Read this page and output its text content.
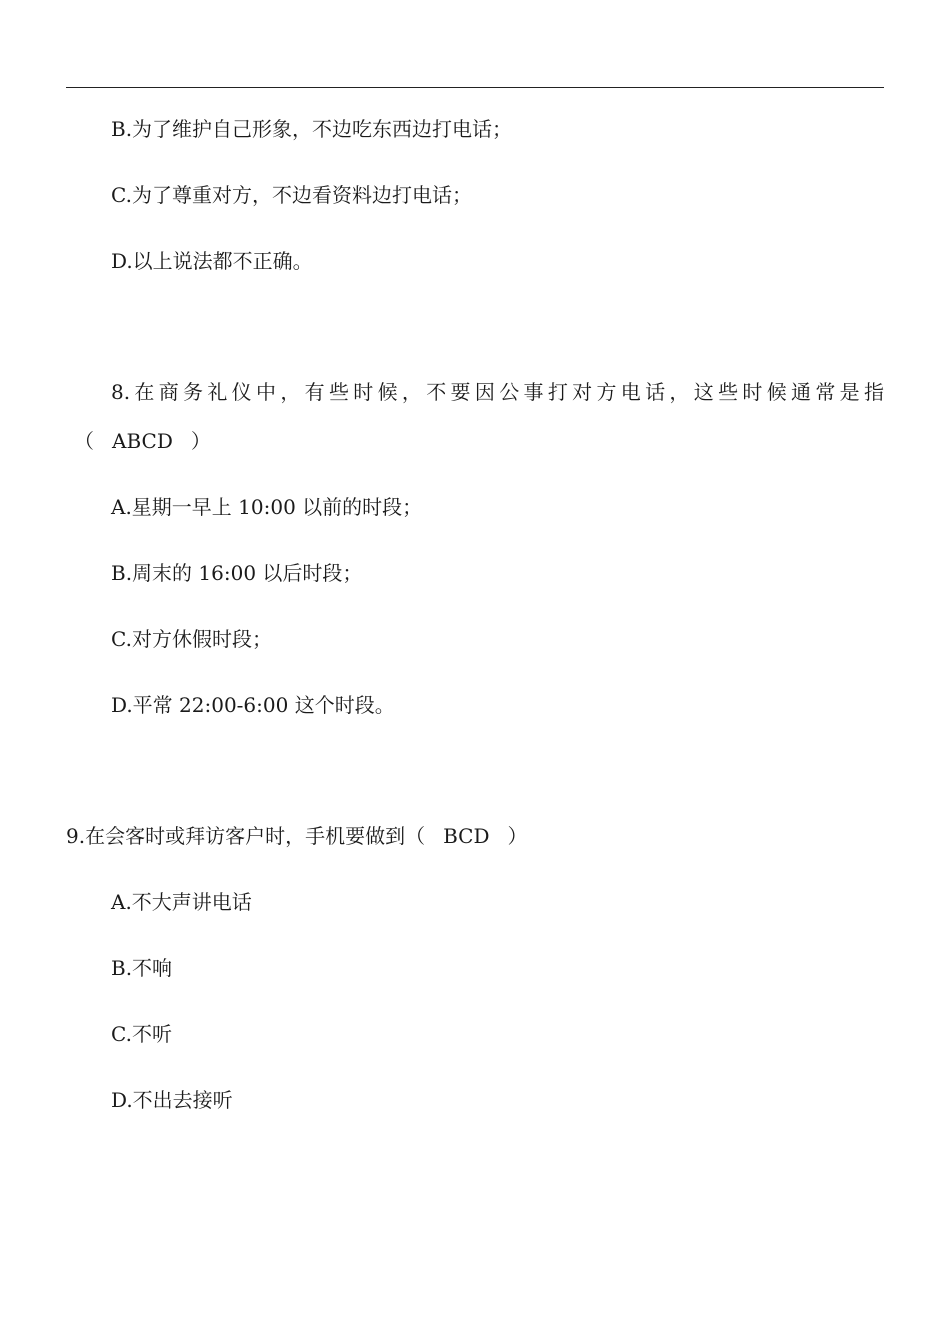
B.为了维护自己形象，不边吃东西边打电话；
C.为了尊重对方，不边看资料边打电话；
D.以上说法都不正确。
8.在商务礼仪中，有些时候，不要因公事打对方电话，这些时候通常是指
（ ABCD ）
A.星期一早上 10:00 以前的时段；
B.周末的 16:00 以后时段；
C.对方休假时段；
D.平常 22:00-6:00 这个时段。
9.在会客时或拜访客户时，手机要做到（ BCD ）
A.不大声讲电话
B.不响
C.不听
D.不出去接听
